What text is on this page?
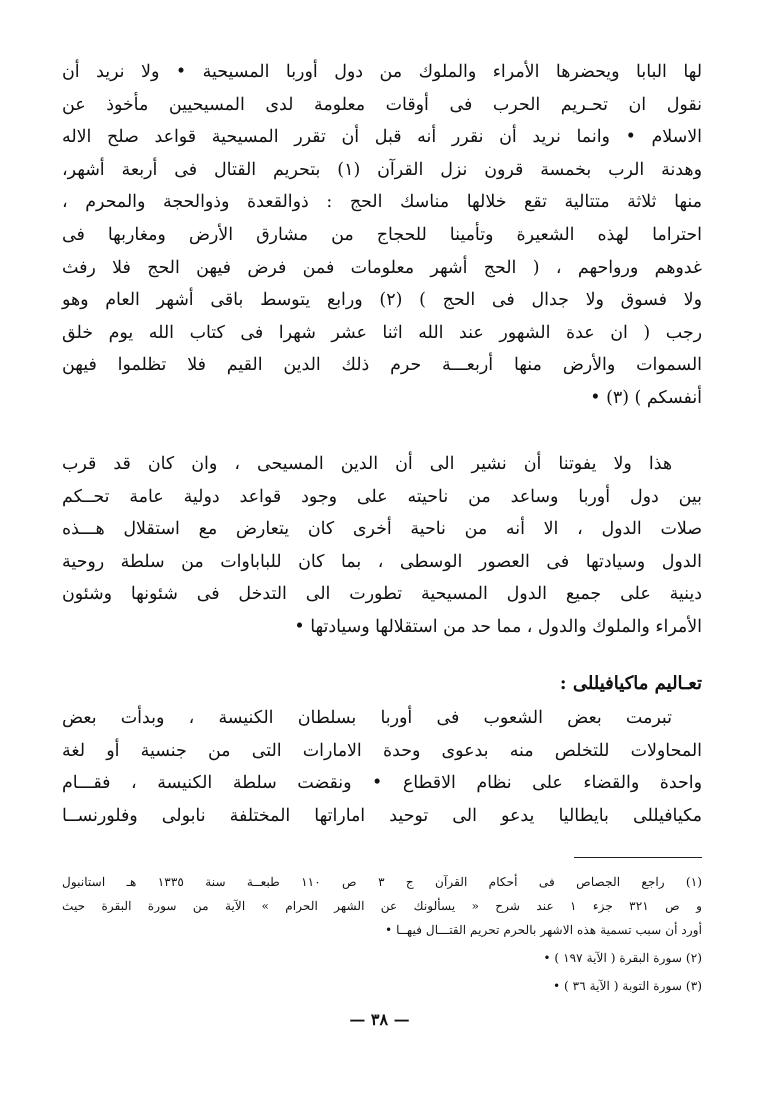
لها البابا ويحضرها الأمراء والملوك من دول أوربا المسيحية • ولا نريد أن
نقول ان تحـريم الحرب فى أوقات معلومة لدى المسيحيين مأخوذ عن
الاسلام • وانما نريد أن نقرر أنه قبل أن تقرر المسيحية قواعد صلح الاله
وهدنة الرب بخمسة قرون نزل القرآن (١) بتحريم القتال فى أربعة أشهر،
منها ثلاثة متتالية تقع خلالها مناسك الحج : ذوالقعدة وذوالحجة والمحرم ،
احتراما لهذه الشعيرة وتأمينا للحجاج من مشارق الأرض ومغاربها فى
غدوهم ورواحهم ، ( الحج أشهر معلومات فمن فرض فيهن الحج فلا رفث
ولا فسوق ولا جدال فى الحج ) (٢) ورابع يتوسط باقى أشهر العام وهو
رجب ( ان عدة الشهور عند الله اثنا عشر شهرا فى كتاب الله يوم خلق
السموات والأرض منها أربعـــة حرم ذلك الدين القيم فلا تظلموا فيهن
أنفسكم ) (٣) •
هذا ولا يفوتنا أن نشير الى أن الدين المسيحى ، وان كان قد قرب
بين دول أوربا وساعد من ناحيته على وجود قواعد دولية عامة تحــكم
صلات الدول ، الا أنه من ناحية أخرى كان يتعارض مع استقلال هـــذه
الدول وسيادتها فى العصور الوسطى ، بما كان للباباوات من سلطة روحية
دينية على جميع الدول المسيحية تطورت الى التدخل فى شئونها وشئون
الأمراء والملوك والدول ، مما حد من استقلالها وسيادتها •
تعـاليم ماكيافيللى :
تبرمت بعض الشعوب فى أوربا بسلطان الكنيسة ، وبدأت بعض
المحاولات للتخلص منه بدعوى وحدة الامارات التى من جنسية أو لغة
واحدة والقضاء على نظام الاقطاع • ونقضت سلطة الكنيسة ، فقـــام
مكيافيللى بايطاليا يدعو الى توحيد اماراتها المختلفة نابولى وفلورنســا
(١) راجع الجصاص فى أحكام القرآن ج ٣ ص ١١٠ طبعــة سنة ١٣٣٥ هـ استانبول
و ص ٣٢١ جزء ١ عند شرح « يسألونك عن الشهر الحرام » الآية من سورة البقرة حيث
أورد أن سبب تسمية هذه الاشهر بالحرم تحريم القتـــال فيهــا •
(٢) سورة البقرة ( الآية ١٩٧ ) •
(٣) سورة التوبة ( الآية ٣٦ ) •
— ٣٨ —
